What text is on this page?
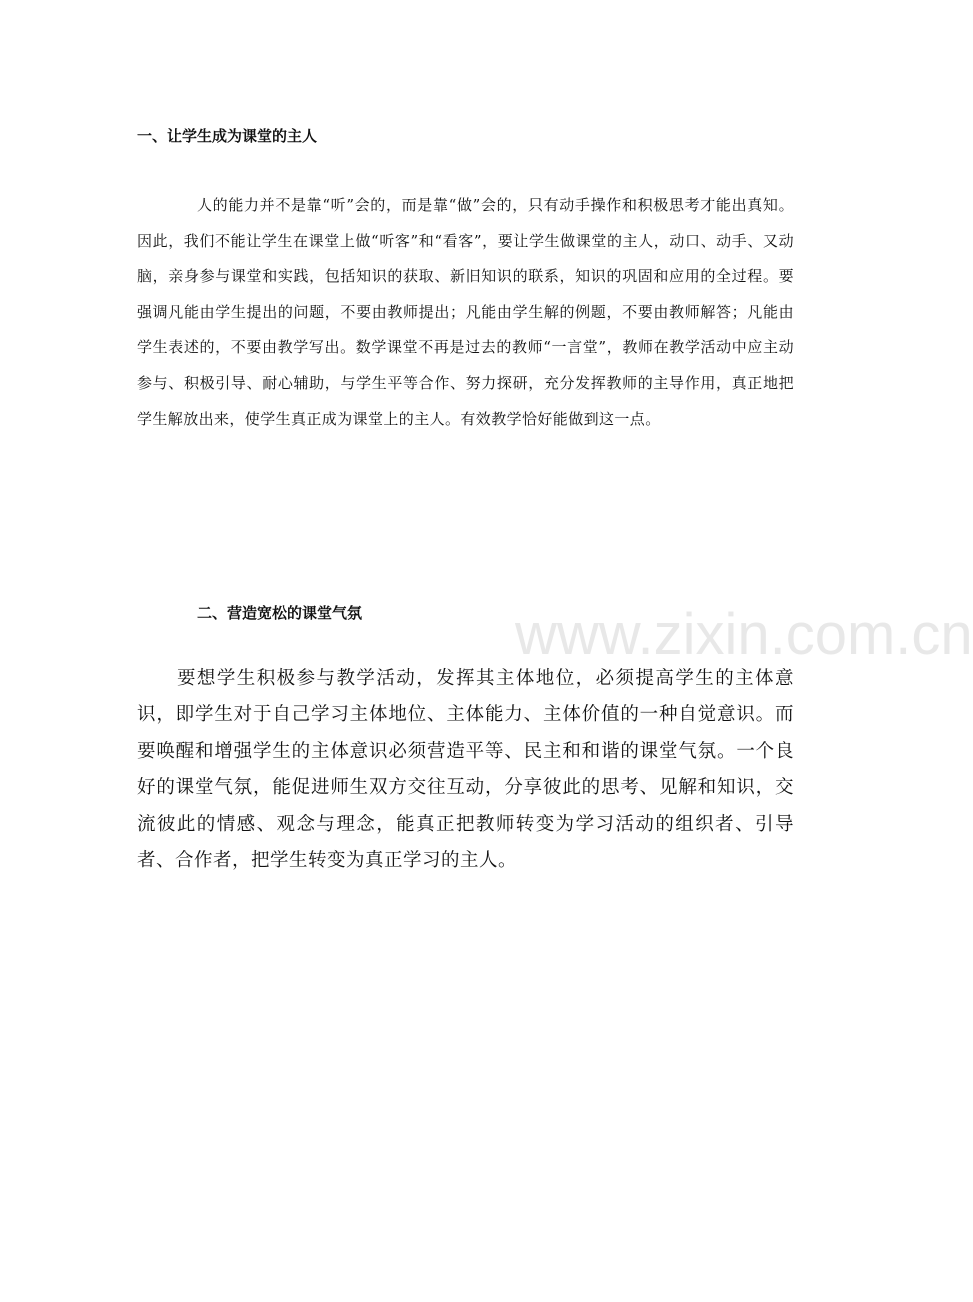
一、让学生成为课堂的主人

人的能力并不是靠“听”会的，而是靠“做”会的，只有动手操作和积极思考才能出真知。因此，我们不能让学生在课堂上做“听客”和“看客”，要让学生做课堂的主人，动口、动手、又动脑，亲身参与课堂和实践，包括知识的获取、新旧知识的联系，知识的巩固和应用的全过程。要强调凡能由学生提出的问题，不要由教师提出；凡能由学生解的例题，不要由教师解答；凡能由学生表述的，不要由教学写出。数学课堂不再是过去的教师“一言堂”，教师在教学活动中应主动参与、积极引导、耐心辅助，与学生平等合作、努力探研，充分发挥教师的主导作用，真正地把学生解放出来，使学生真正成为课堂上的主人。有效教学恰好能做到这一点。

二、营造宽松的课堂气氛

要想学生积极参与教学活动，发挥其主体地位，必须提高学生的主体意识，即学生对于自己学习主体地位、主体能力、主体价值的一种自觉意识。而要唤醒和增强学生的主体意识必须营造平等、民主和和谐的课堂气氛。一个良好的课堂气氛，能促进师生双方交往互动，分享彼此的思考、见解和知识，交流彼此的情感、观念与理念，能真正把教师转变为学习活动的组织者、引导者、合作者，把学生转变为真正学习的主人。

www.zixin.com.cn
